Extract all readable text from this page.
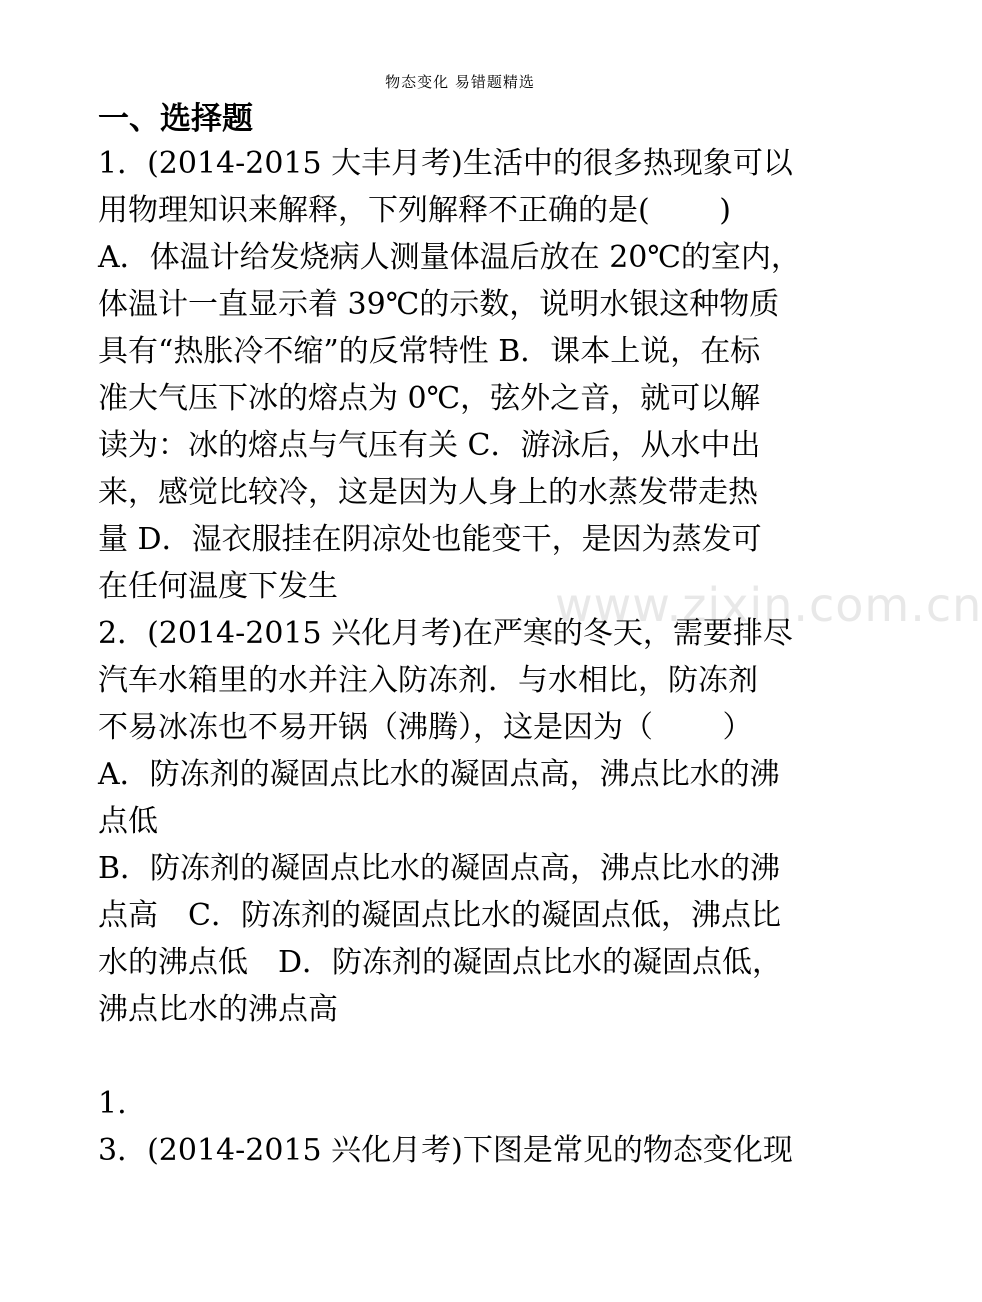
物态变化 易错题精选
www.zixin.com.cn
一、选择题
1．(2014-2015 大丰月考)生活中的很多热现象可以
用物理知识来解释，下列解释不正确的是(　　 )
A．体温计给发烧病人测量体温后放在 20℃的室内，
体温计一直显示着 39℃的示数，说明水银这种物质
具有“热胀冷不缩”的反常特性 B．课本上说，在标
准大气压下冰的熔点为 0℃，弦外之音，就可以解
读为：冰的熔点与气压有关 C．游泳后，从水中出
来，感觉比较冷，这是因为人身上的水蒸发带走热
量 D．湿衣服挂在阴凉处也能变干，是因为蒸发可
在任何温度下发生
2．(2014-2015 兴化月考)在严寒的冬天，需要排尽
汽车水箱里的水并注入防冻剂．与水相比，防冻剂
不易冰冻也不易开锅（沸腾），这是因为（　　 ）
A．防冻剂的凝固点比水的凝固点高，沸点比水的沸
点低
B．防冻剂的凝固点比水的凝固点高，沸点比水的沸
点高　C．防冻剂的凝固点比水的凝固点低，沸点比
水的沸点低　D．防冻剂的凝固点比水的凝固点低，
沸点比水的沸点高
1.
3．(2014-2015 兴化月考)下图是常见的物态变化现
